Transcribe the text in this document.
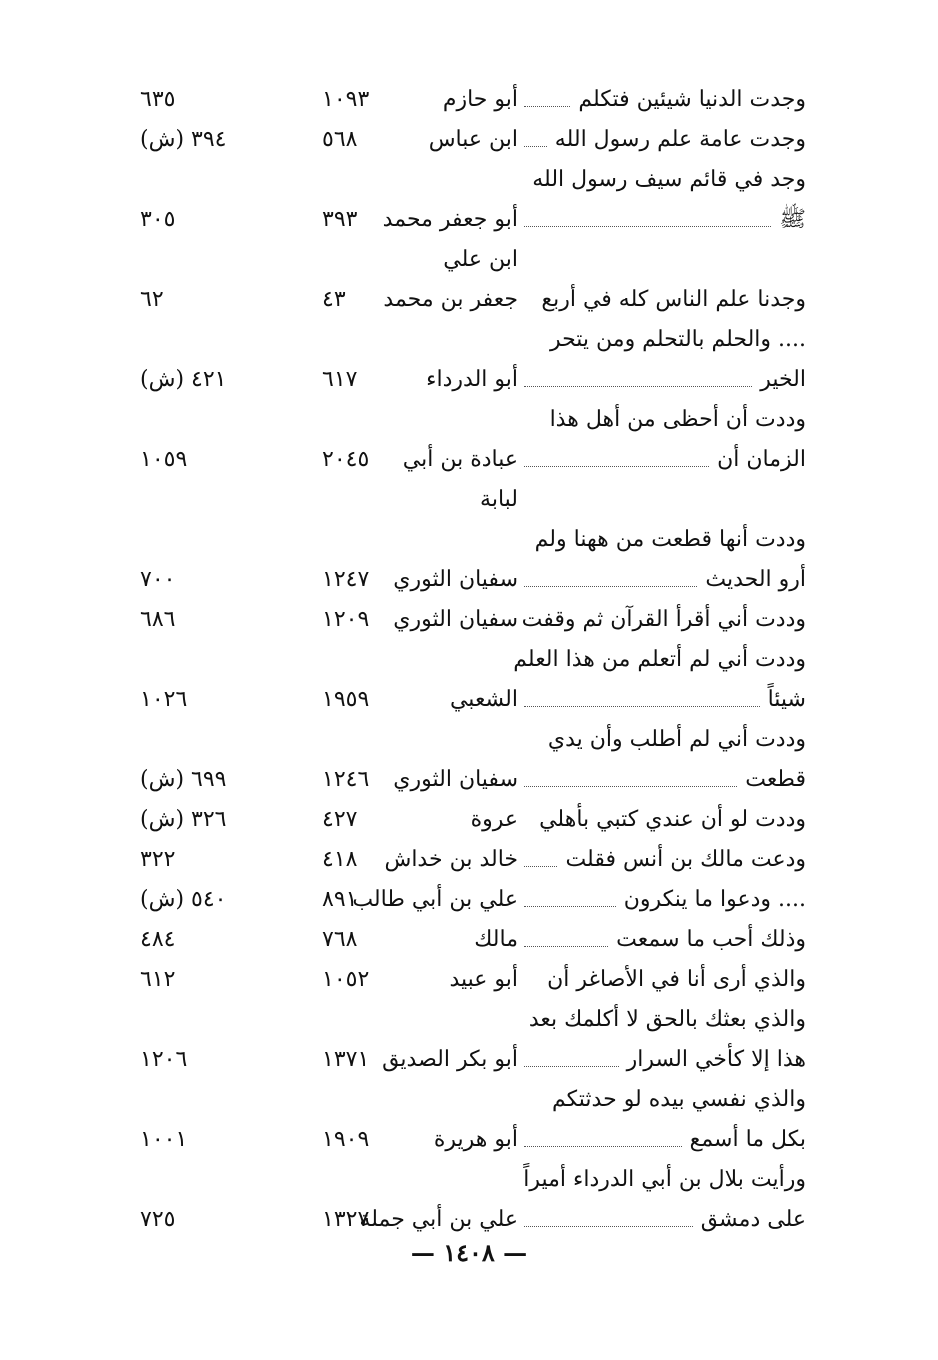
وجدت الدنيا شيئين فتكلم
أبو حازم
١٠٩٣
٦٣٥
وجدت عامة علم رسول الله
ابن عباس
٥٦٨
٣٩٤ (ش)
وجد في قائم سيف رسول الله
ﷺ
أبو جعفر محمد
٣٩٣
٣٠٥
ابن علي
وجدنا علم الناس كله في أربع
جعفر بن محمد
٤٣
٦٢
.... والحلم بالتحلم ومن يتحر
الخير
أبو الدرداء
٦١٧
٤٢١ (ش)
وددت أن أحظى من أهل هذا
الزمان أن
عبادة بن أبي
٢٠٤٥
١٠٥٩
لبابة
وددت أنها قطعت من ههنا ولم
أرو الحديث
سفيان الثوري
١٢٤٧
٧٠٠
وددت أني أقرأ القرآن ثم وقفت
سفيان الثوري
١٢٠٩
٦٨٦
وددت أني لم أتعلم من هذا العلم
شيئاً
الشعبي
١٩٥٩
١٠٢٦
وددت أني لم أطلب وأن يدي
قطعت
سفيان الثوري
١٢٤٦
٦٩٩ (ش)
وددت لو أن عندي كتبي بأهلي
عروة
٤٢٧
٣٢٦ (ش)
ودعت مالك بن أنس فقلت
خالد بن خداش
٤١٨
٣٢٢
.... ودعوا ما ينكرون
علي بن أبي طالب
٨٩١
٥٤٠ (ش)
وذلك أحب ما سمعت
مالك
٧٦٨
٤٨٤
والذي أرى أنا في الأصاغر أن
أبو عبيد
١٠٥٢
٦١٢
والذي بعثك بالحق لا أكلمك بعد
هذا إلا كأخي السرار
أبو بكر الصديق
١٣٧١
١٢٠٦
والذي نفسي بيده لو حدثتكم
بكل ما أسمع
أبو هريرة
١٩٠٩
١٠٠١
ورأيت بلال بن أبي الدرداء أميراً
على دمشق
علي بن أبي جملة
١٣٢٧
٧٢٥
— ١٤٠٨ —
